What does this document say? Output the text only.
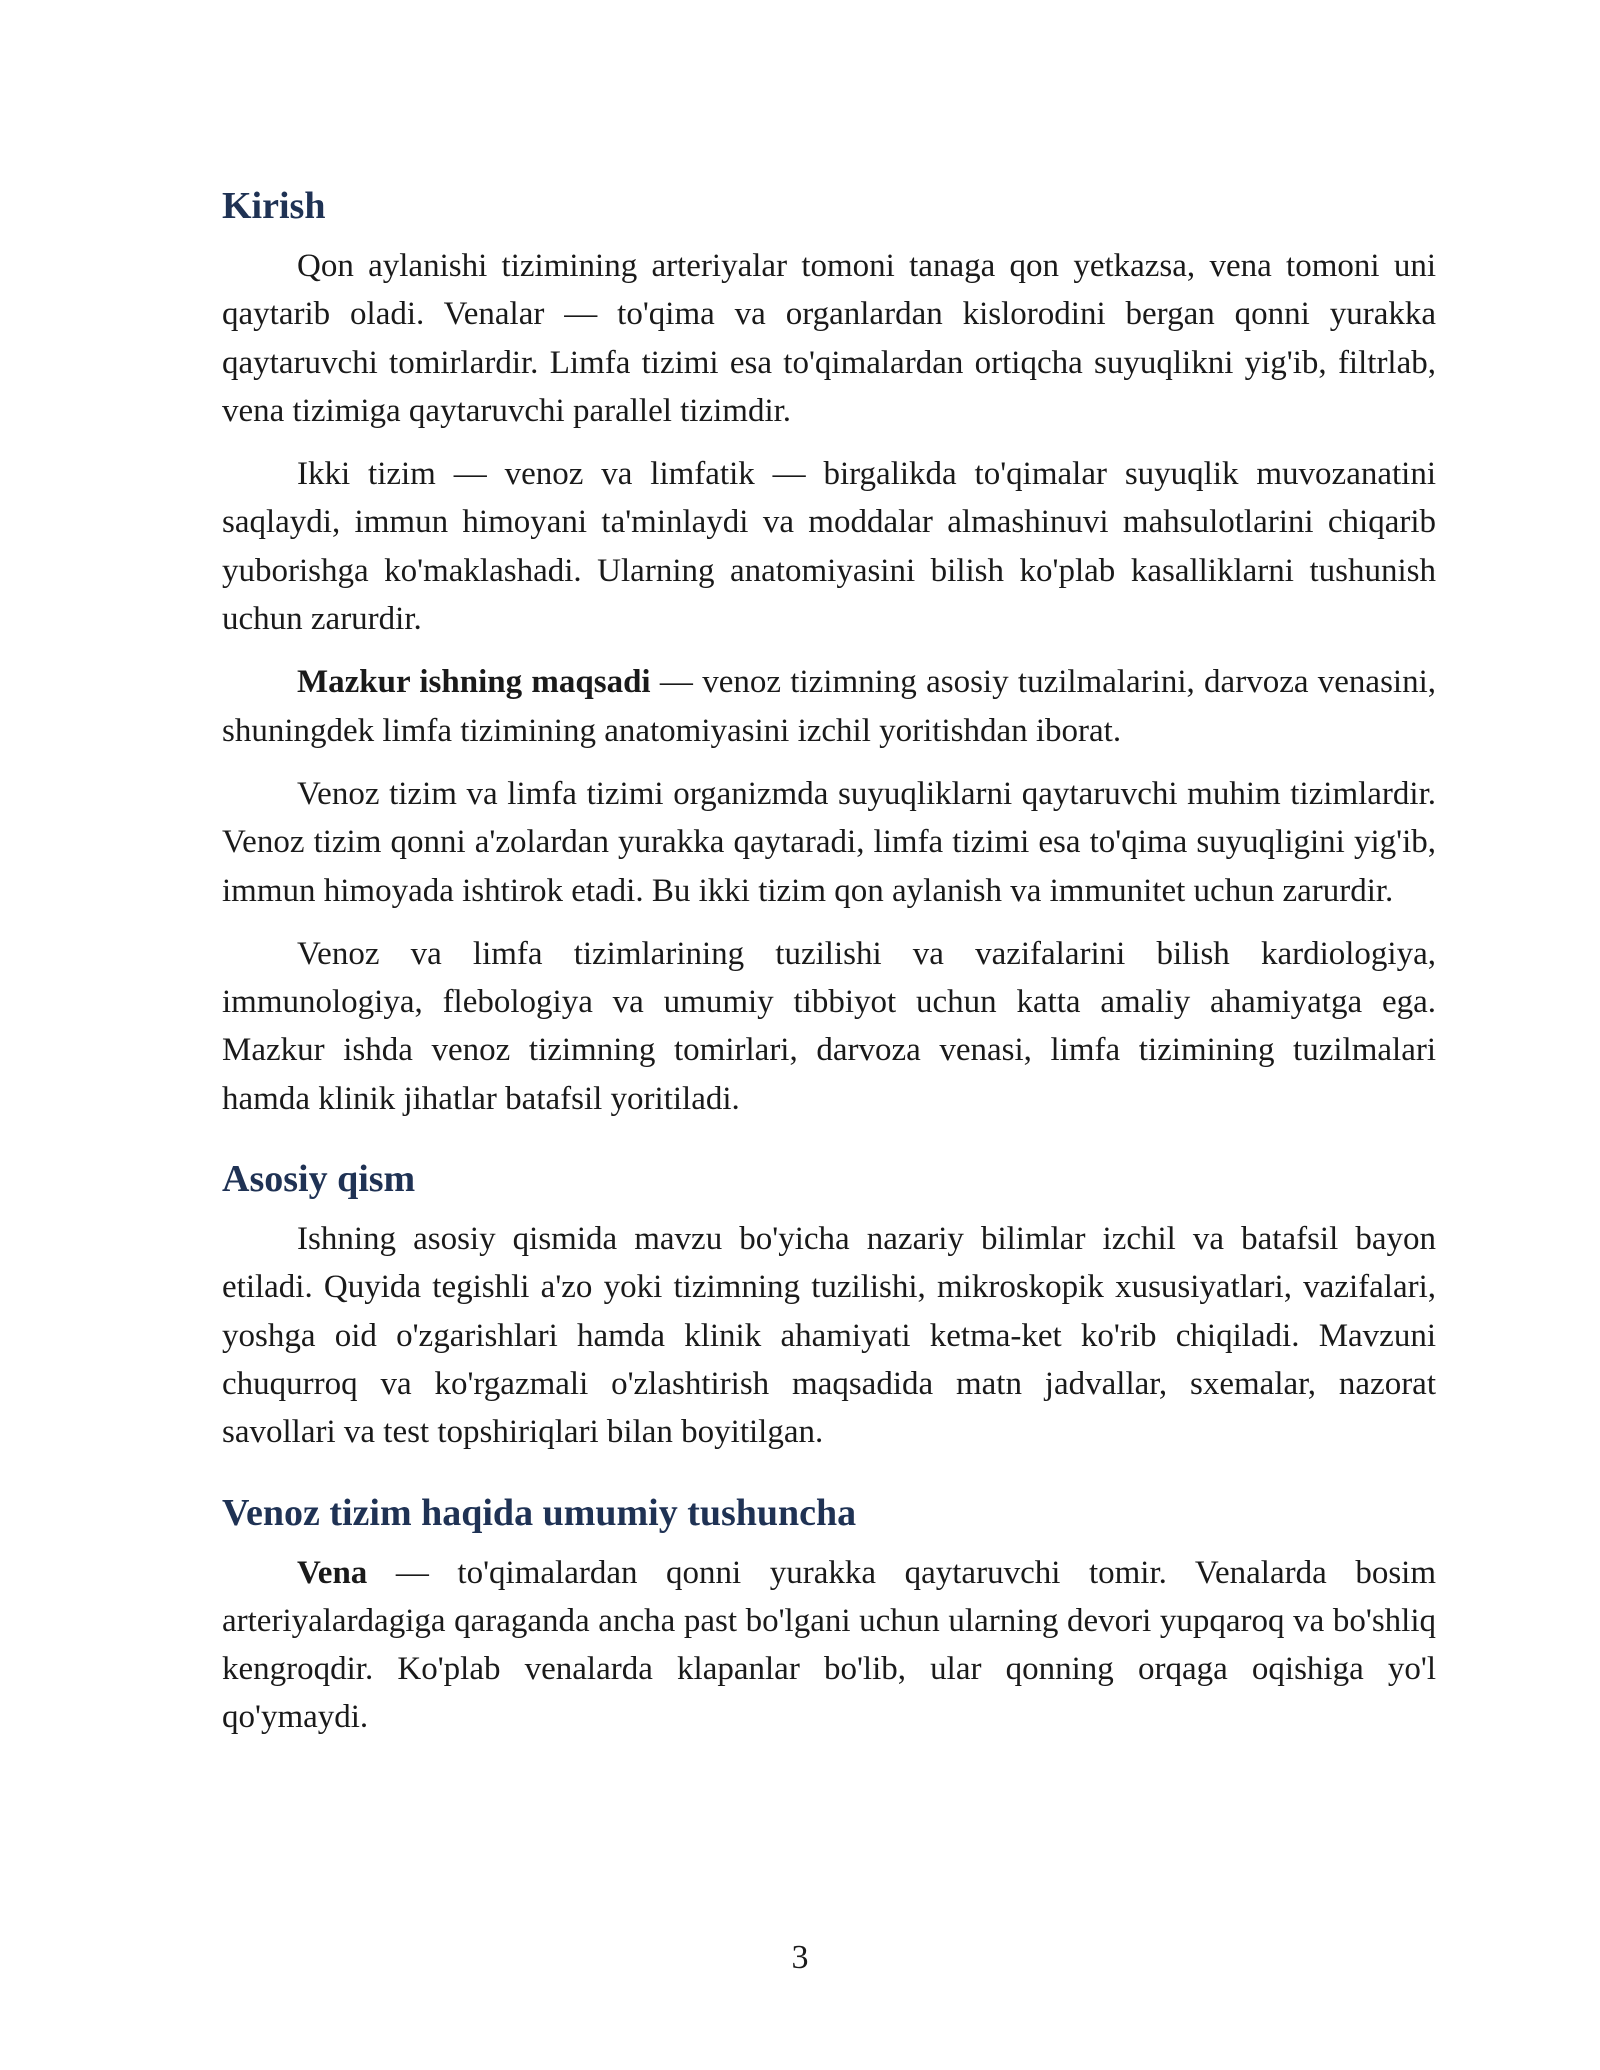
Kirish

Qon aylanishi tizimining arteriyalar tomoni tanaga qon yetkazsa, vena tomoni uni qaytarib oladi. Venalar — to'qima va organlardan kislorodini bergan qonni yurakka qaytaruvchi tomirlardir. Limfa tizimi esa to'qimalardan ortiqcha suyuqlikni yig'ib, filtrlab, vena tizimiga qaytaruvchi parallel tizimdir.

Ikki tizim — venoz va limfatik — birgalikda to'qimalar suyuqlik muvozanatini saqlaydi, immun himoyani ta'minlaydi va moddalar almashinuvi mahsulotlarini chiqarib yuborishga ko'maklashadi. Ularning anatomiyasini bilish ko'plab kasalliklarni tushunish uchun zarurdir.

Mazkur ishning maqsadi — venoz tizimning asosiy tuzilmalarini, darvoza venasini, shuningdek limfa tizimining anatomiyasini izchil yoritishdan iborat.

Venoz tizim va limfa tizimi organizmda suyuqliklarni qaytaruvchi muhim tizimlardir. Venoz tizim qonni a'zolardan yurakka qaytaradi, limfa tizimi esa to'qima suyuqligini yig'ib, immun himoyada ishtirok etadi. Bu ikki tizim qon aylanish va immunitet uchun zarurdir.

Venoz va limfa tizimlarining tuzilishi va vazifalarini bilish kardiologiya, immunologiya, flebologiya va umumiy tibbiyot uchun katta amaliy ahamiyatga ega. Mazkur ishda venoz tizimning tomirlari, darvoza venasi, limfa tizimining tuzilmalari hamda klinik jihatlar batafsil yoritiladi.

Asosiy qism

Ishning asosiy qismida mavzu bo'yicha nazariy bilimlar izchil va batafsil bayon etiladi. Quyida tegishli a'zo yoki tizimning tuzilishi, mikroskopik xususiyatlari, vazifalari, yoshga oid o'zgarishlari hamda klinik ahamiyati ketma-ket ko'rib chiqiladi. Mavzuni chuqurroq va ko'rgazmali o'zlashtirish maqsadida matn jadvallar, sxemalar, nazorat savollari va test topshiriqlari bilan boyitilgan.

Venoz tizim haqida umumiy tushuncha

Vena — to'qimalardan qonni yurakka qaytaruvchi tomir. Venalarda bosim arteriyalardagiga qaraganda ancha past bo'lgani uchun ularning devori yupqaroq va bo'shliq kengroqdir. Ko'plab venalarda klapanlar bo'lib, ular qonning orqaga oqishiga yo'l qo'ymaydi.

3
